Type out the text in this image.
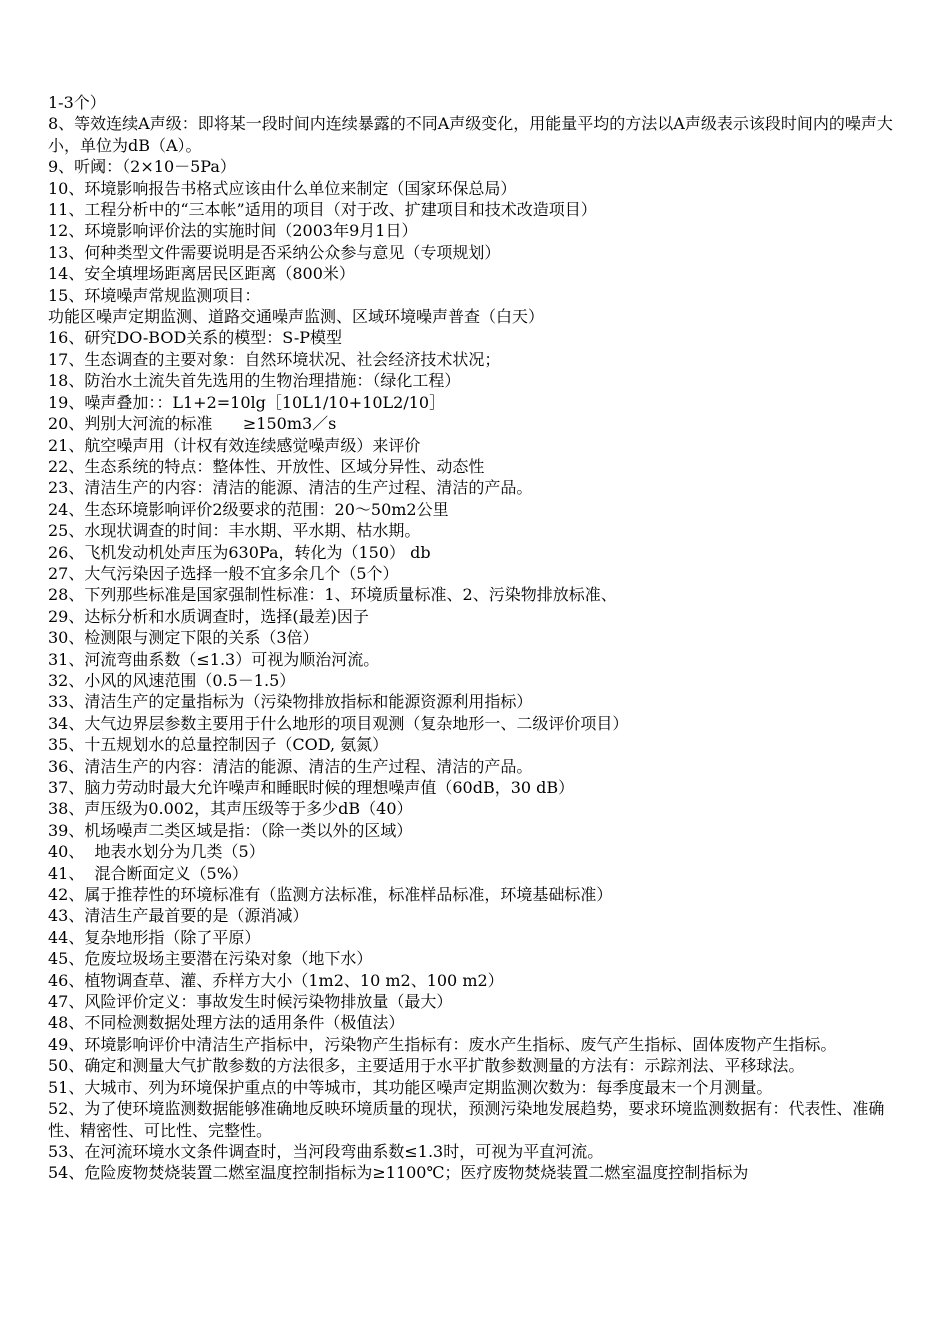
1-3个）

8、等效连续A声级：即将某一段时间内连续暴露的不同A声级变化，用能量平均的方法以A声级表示该段时间内的噪声大小，单位为dB（A）。

9、听阈：（2×10－5Pa）

10、环境影响报告书格式应该由什么单位来制定（国家环保总局）

11、工程分析中的“三本帐”适用的项目（对于改、扩建项目和技术改造项目）

12、环境影响评价法的实施时间（2003年9月1日）

13、何种类型文件需要说明是否采纳公众参与意见（专项规划）

14、安全填埋场距离居民区距离（800米）

15、环境噪声常规监测项目：

功能区噪声定期监测、道路交通噪声监测、区域环境噪声普查（白天）

16、研究DO-BOD关系的模型：S-P模型

17、生态调查的主要对象：自然环境状况、社会经济技术状况；

18、防治水土流失首先选用的生物治理措施：（绿化工程）

19、噪声叠加：：L1+2=10lg［10L1/10+10L2/10］

20、判别大河流的标准      ≥150m3／s

21、航空噪声用（计权有效连续感觉噪声级）来评价

22、生态系统的特点：整体性、开放性、区域分异性、动态性

23、清洁生产的内容：清洁的能源、清洁的生产过程、清洁的产品。

24、生态环境影响评价2级要求的范围：20～50m2公里

25、水现状调查的时间：丰水期、平水期、枯水期。

26、飞机发动机处声压为630Pa，转化为（150） db

27、大气污染因子选择一般不宜多余几个（5个）

28、下列那些标准是国家强制性标准：1、环境质量标准、2、污染物排放标准、

29、达标分析和水质调查时，选择(最差)因子

30、检测限与测定下限的关系（3倍）

31、河流弯曲系数（≤1.3）可视为顺治河流。

32、小风的风速范围（0.5－1.5）

33、清洁生产的定量指标为（污染物排放指标和能源资源利用指标）

34、大气边界层参数主要用于什么地形的项目观测（复杂地形一、二级评价项目）

35、十五规划水的总量控制因子（COD, 氨氮）

36、清洁生产的内容：清洁的能源、清洁的生产过程、清洁的产品。

37、脑力劳动时最大允许噪声和睡眠时候的理想噪声值（60dB，30 dB）

38、声压级为0.002，其声压级等于多少dB（40）

39、机场噪声二类区域是指：（除一类以外的区域）

40、  地表水划分为几类（5）

41、  混合断面定义（5%）

42、属于推荐性的环境标准有（监测方法标准，标准样品标准，环境基础标准）

43、清洁生产最首要的是（源消减）

44、复杂地形指（除了平原）

45、危废垃圾场主要潜在污染对象（地下水）

46、植物调查草、灌、乔样方大小（1m2、10 m2、100 m2）

47、风险评价定义：事故发生时候污染物排放量（最大）

48、不同检测数据处理方法的适用条件（极值法）

49、环境影响评价中清洁生产指标中，污染物产生指标有：废水产生指标、废气产生指标、固体废物产生指标。

50、确定和测量大气扩散参数的方法很多，主要适用于水平扩散参数测量的方法有：示踪剂法、平移球法。

51、大城市、列为环境保护重点的中等城市，其功能区噪声定期监测次数为：每季度最末一个月测量。

52、为了使环境监测数据能够准确地反映环境质量的现状，预测污染地发展趋势，要求环境监测数据有：代表性、准确性、精密性、可比性、完整性。

53、在河流环境水文条件调查时，当河段弯曲系数≤1.3时，可视为平直河流。

54、危险废物焚烧装置二燃室温度控制指标为≥1100℃；医疗废物焚烧装置二燃室温度控制指标为
